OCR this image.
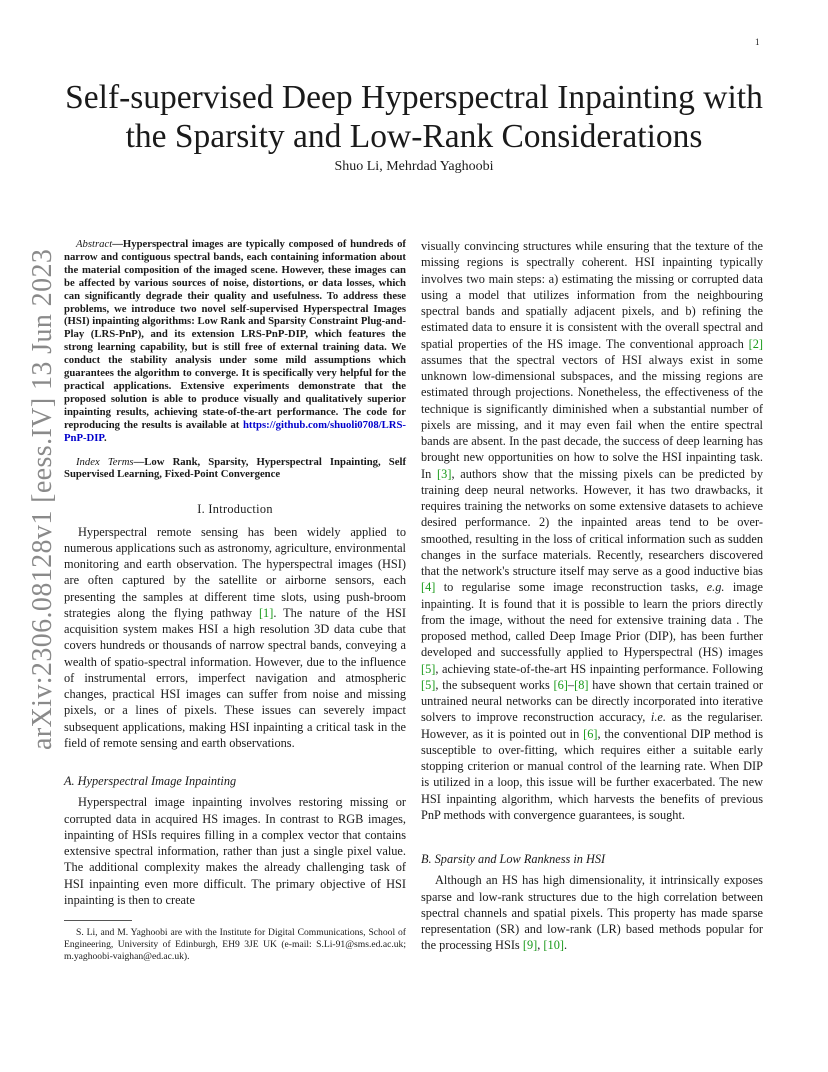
1
arXiv:2306.08128v1 [eess.IV] 13 Jun 2023
Self-supervised Deep Hyperspectral Inpainting with the Sparsity and Low-Rank Considerations
Shuo Li, Mehrdad Yaghoobi

Abstract—Hyperspectral images are typically composed of hundreds of narrow and contiguous spectral bands, each containing information about the material composition of the imaged scene. However, these images can be affected by various sources of noise, distortions, or data losses, which can significantly degrade their quality and usefulness. To address these problems, we introduce two novel self-supervised Hyperspectral Images (HSI) inpainting algorithms: Low Rank and Sparsity Constraint Plug-and-Play (LRS-PnP), and its extension LRS-PnP-DIP, which features the strong learning capability, but is still free of external training data. We conduct the stability analysis under some mild assumptions which guarantees the algorithm to converge. It is specifically very helpful for the practical applications. Extensive experiments demonstrate that the proposed solution is able to produce visually and qualitatively superior inpainting results, achieving state-of-the-art performance. The code for reproducing the results is available at https://github.com/shuoli0708/LRS-PnP-DIP.

Index Terms—Low Rank, Sparsity, Hyperspectral Inpainting, Self Supervised Learning, Fixed-Point Convergence

I. Introduction

Hyperspectral remote sensing has been widely applied to numerous applications such as astronomy, agriculture, environmental monitoring and earth observation. The hyperspectral images (HSI) are often captured by the satellite or airborne sensors, each presenting the samples at different time slots, using push-broom strategies along the flying pathway [1]. The nature of the HSI acquisition system makes HSI a high resolution 3D data cube that covers hundreds or thousands of narrow spectral bands, conveying a wealth of spatio-spectral information. However, due to the influence of instrumental errors, imperfect navigation and atmospheric changes, practical HSI images can suffer from noise and missing pixels, or a lines of pixels. These issues can severely impact subsequent applications, making HSI inpainting a critical task in the field of remote sensing and earth observations.

A. Hyperspectral Image Inpainting

Hyperspectral image inpainting involves restoring missing or corrupted data in acquired HS images. In contrast to RGB images, inpainting of HSIs requires filling in a complex vector that contains extensive spectral information, rather than just a single pixel value. The additional complexity makes the already challenging task of HSI inpainting even more difficult. The primary objective of HSI inpainting is then to create

S. Li, and M. Yaghoobi are with the Institute for Digital Communications, School of Engineering, University of Edinburgh, EH9 3JE UK (e-mail: S.Li-91@sms.ed.ac.uk; m.yaghoobi-vaighan@ed.ac.uk).

visually convincing structures while ensuring that the texture of the missing regions is spectrally coherent. HSI inpainting typically involves two main steps: a) estimating the missing or corrupted data using a model that utilizes information from the neighbouring spectral bands and spatially adjacent pixels, and b) refining the estimated data to ensure it is consistent with the overall spectral and spatial properties of the HS image. The conventional approach [2] assumes that the spectral vectors of HSI always exist in some unknown low-dimensional subspaces, and the missing regions are estimated through projections. Nonetheless, the effectiveness of the technique is significantly diminished when a substantial number of pixels are missing, and it may even fail when the entire spectral bands are absent. In the past decade, the success of deep learning has brought new opportunities on how to solve the HSI inpainting task. In [3], authors show that the missing pixels can be predicted by training deep neural networks. However, it has two drawbacks, it requires training the networks on some extensive datasets to achieve desired performance. 2) the inpainted areas tend to be over-smoothed, resulting in the loss of critical information such as sudden changes in the surface materials. Recently, researchers discovered that the network's structure itself may serve as a good inductive bias [4] to regularise some image reconstruction tasks, e.g. image inpainting. It is found that it is possible to learn the priors directly from the image, without the need for extensive training data . The proposed method, called Deep Image Prior (DIP), has been further developed and successfully applied to Hyperspectral (HS) images [5], achieving state-of-the-art HS inpainting performance. Following [5], the subsequent works [6]–[8] have shown that certain trained or untrained neural networks can be directly incorporated into iterative solvers to improve reconstruction accuracy, i.e. as the regulariser. However, as it is pointed out in [6], the conventional DIP method is susceptible to over-fitting, which requires either a suitable early stopping criterion or manual control of the learning rate. When DIP is utilized in a loop, this issue will be further exacerbated. The new HSI inpainting algorithm, which harvests the benefits of previous PnP methods with convergence guarantees, is sought.

B. Sparsity and Low Rankness in HSI

Although an HS has high dimensionality, it intrinsically exposes sparse and low-rank structures due to the high correlation between spectral channels and spatial pixels. This property has made sparse representation (SR) and low-rank (LR) based methods popular for the processing HSIs [9], [10].
